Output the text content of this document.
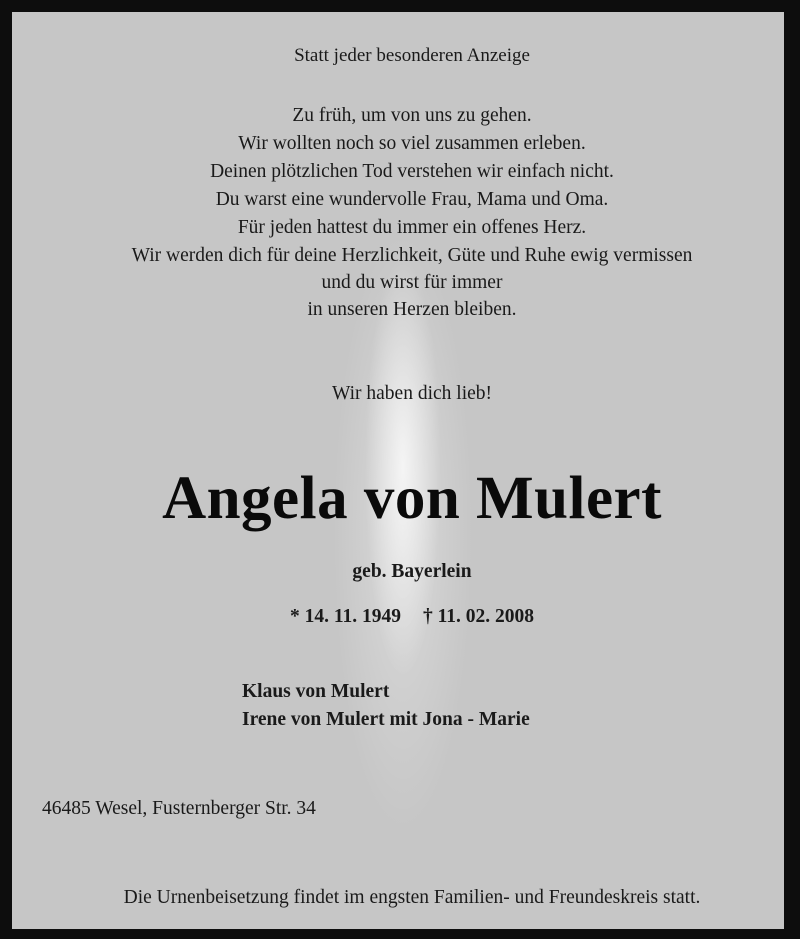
Statt jeder besonderen Anzeige
Zu früh, um von uns zu gehen.
Wir wollten noch so viel zusammen erleben.
Deinen plötzlichen Tod verstehen wir einfach nicht.
Du warst eine wundervolle Frau, Mama und Oma.
Für jeden hattest du immer ein offenes Herz.
Wir werden dich für deine Herzlichkeit, Güte und Ruhe ewig vermissen
und du wirst für immer
in unseren Herzen bleiben.
Wir haben dich lieb!
Angela von Mulert
geb. Bayerlein
* 14. 11. 1949 † 11. 02. 2008
Klaus von Mulert
Irene von Mulert mit Jona - Marie
46485 Wesel, Fusternberger Str. 34
Die Urnenbeisetzung findet im engsten Familien- und Freundeskreis statt.
